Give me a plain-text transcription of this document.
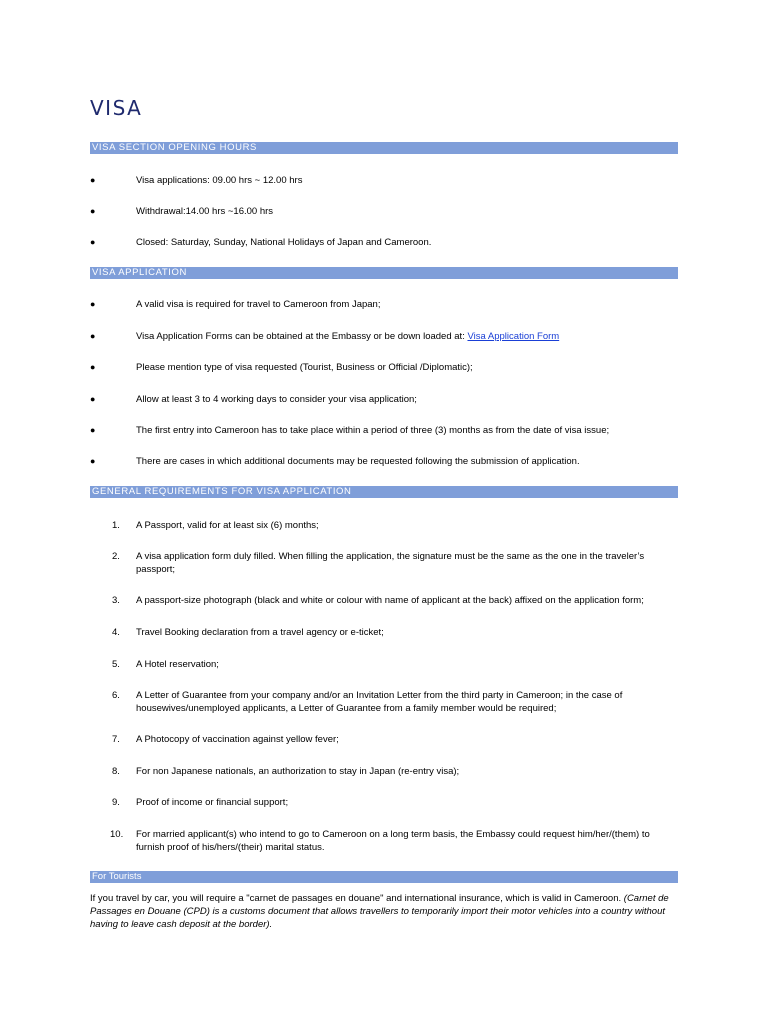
VISA
VISA SECTION OPENING HOURS
●	Visa applications: 09.00 hrs ~ 12.00 hrs
●	Withdrawal:14.00 hrs ~16.00 hrs
●	Closed: Saturday, Sunday, National Holidays of Japan and Cameroon.
VISA APPLICATION
●	A valid visa is required for travel to Cameroon from Japan;
●	Visa Application Forms can be obtained at the Embassy or be down loaded at: Visa Application Form
●	Please mention type of visa requested (Tourist, Business or Official /Diplomatic);
●	Allow at least 3 to 4 working days to consider your visa application;
●	The first entry into Cameroon has to take place within a period of three (3) months as from the date of visa issue;
●	There are cases in which additional documents may be requested following the submission of application.
GENERAL REQUIREMENTS FOR VISA APPLICATION
1.	A Passport, valid for at least six (6) months;
2.	A visa application form duly filled. When filling the application, the signature must be the same as the one in the traveler’s passport;
3.	A passport-size photograph (black and white or colour with name of applicant at the back) affixed on the application form;
4.	Travel Booking declaration from a travel agency or e-ticket;
5.	A Hotel reservation;
6.	A Letter of Guarantee from your company and/or an Invitation Letter from the third party in Cameroon; in the case of housewives/unemployed applicants, a Letter of Guarantee from a family member would be required;
7.	A Photocopy of vaccination against yellow fever;
8.	For non Japanese nationals, an authorization to stay in Japan (re-entry visa);
9.	Proof of income or financial support;
10.	For married applicant(s) who intend to go to Cameroon on a long term basis, the Embassy could request him/her/(them) to furnish proof of his/hers/(their) marital status.
For Tourists
If you travel by car, you will require a "carnet de passages en douane" and international insurance, which is valid in Cameroon. (Carnet de Passages en Douane (CPD) is a customs document that allows travellers to temporarily import their motor vehicles into a country without having to leave cash deposit at the border).
